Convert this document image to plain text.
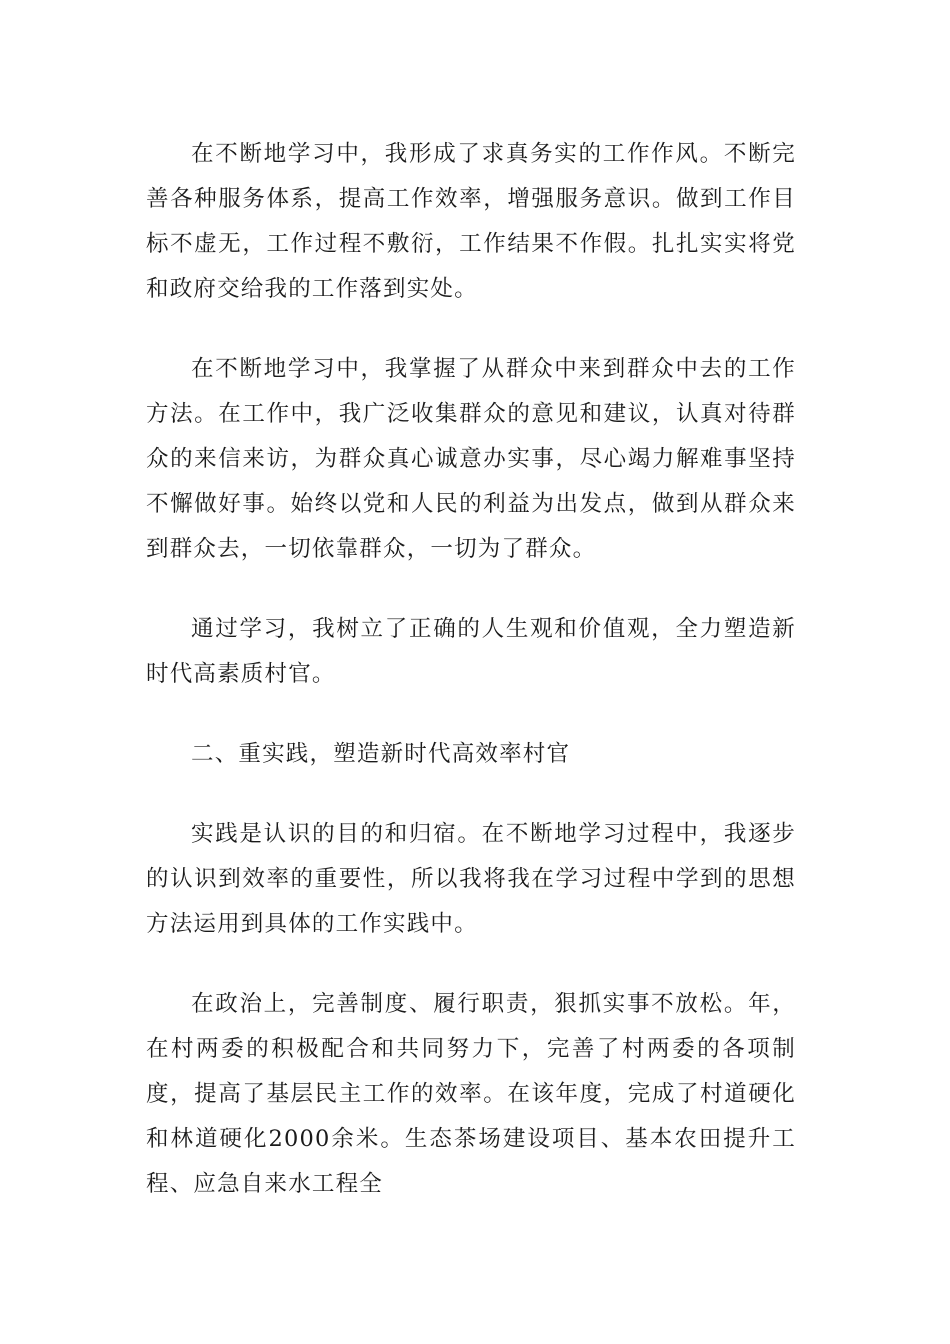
在不断地学习中，我形成了求真务实的工作作风。不断完善各种服务体系，提高工作效率，增强服务意识。做到工作目标不虚无，工作过程不敷衍，工作结果不作假。扎扎实实将党和政府交给我的工作落到实处。

在不断地学习中，我掌握了从群众中来到群众中去的工作方法。在工作中，我广泛收集群众的意见和建议，认真对待群众的来信来访，为群众真心诚意办实事，尽心竭力解难事坚持不懈做好事。始终以党和人民的利益为出发点，做到从群众来到群众去，一切依靠群众，一切为了群众。

通过学习，我树立了正确的人生观和价值观，全力塑造新时代高素质村官。

二、重实践，塑造新时代高效率村官

实践是认识的目的和归宿。在不断地学习过程中，我逐步的认识到效率的重要性，所以我将我在学习过程中学到的思想方法运用到具体的工作实践中。

在政治上，完善制度、履行职责，狠抓实事不放松。年，在村两委的积极配合和共同努力下，完善了村两委的各项制度，提高了基层民主工作的效率。在该年度，完成了村道硬化和林道硬化2000余米。生态茶场建设项目、基本农田提升工程、应急自来水工程全
